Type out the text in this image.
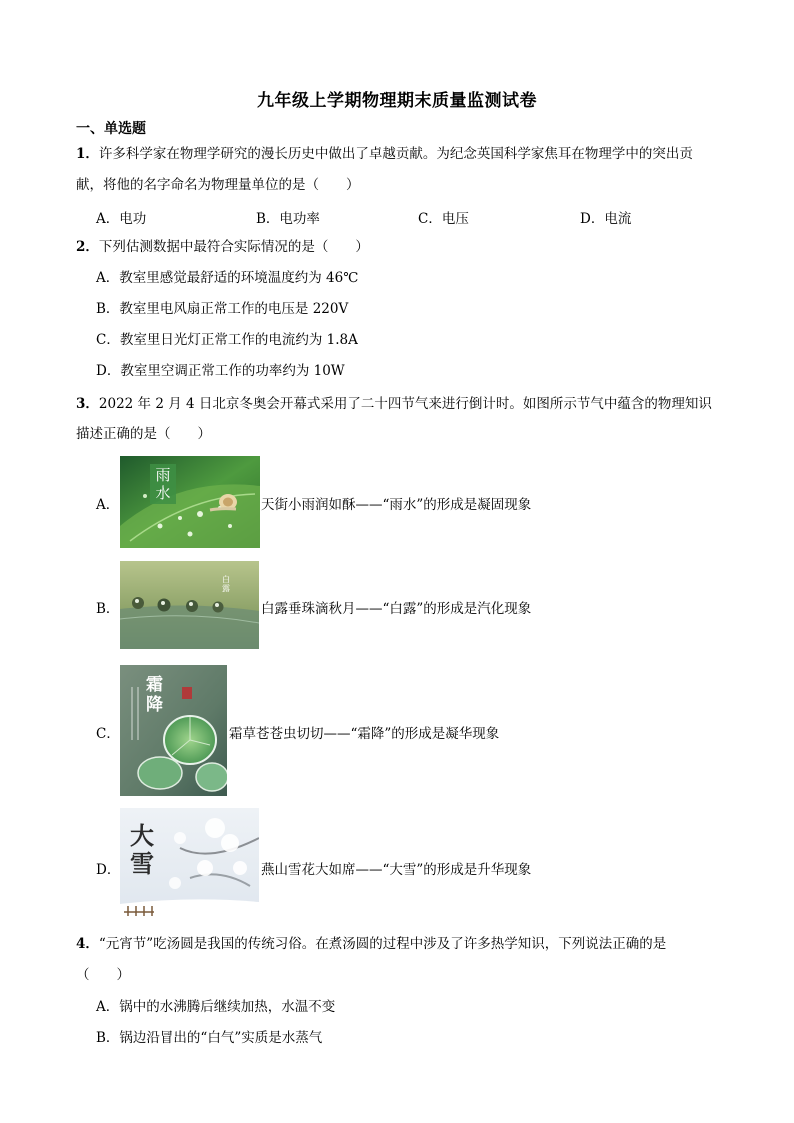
九年级上学期物理期末质量监测试卷
一、单选题
1．许多科学家在物理学研究的漫长历史中做出了卓越贡献。为纪念英国科学家焦耳在物理学中的突出贡
献，将他的名字命名为物理量单位的是（　　）
A．电功	B．电功率	C．电压	D．电流
2．下列估测数据中最符合实际情况的是（　　）
A．教室里感觉最舒适的环境温度约为 46℃
B．教室里电风扇正常工作的电压是 220V
C．教室里日光灯正常工作的电流约为 1.8A
D．教室里空调正常工作的功率约为 10W
3．2022 年 2 月 4 日北京冬奥会开幕式采用了二十四节气来进行倒计时。如图所示节气中蕴含的物理知识
描述正确的是（　　）
A．
雨水
天街小雨润如酥——“雨水”的形成是凝固现象
B．
白露
白露垂珠滴秋月——“白露”的形成是汽化现象
C．
霜降
霜草苍苍虫切切——“霜降”的形成是凝华现象
D．
大雪	燕山雪花大如席——“大雪”的形成是升华现象
4．“元宵节”吃汤圆是我国的传统习俗。在煮汤圆的过程中涉及了许多热学知识，下列说法正确的是
（　　）
A．锅中的水沸腾后继续加热，水温不变
B．锅边沿冒出的“白气”实质是水蒸气
